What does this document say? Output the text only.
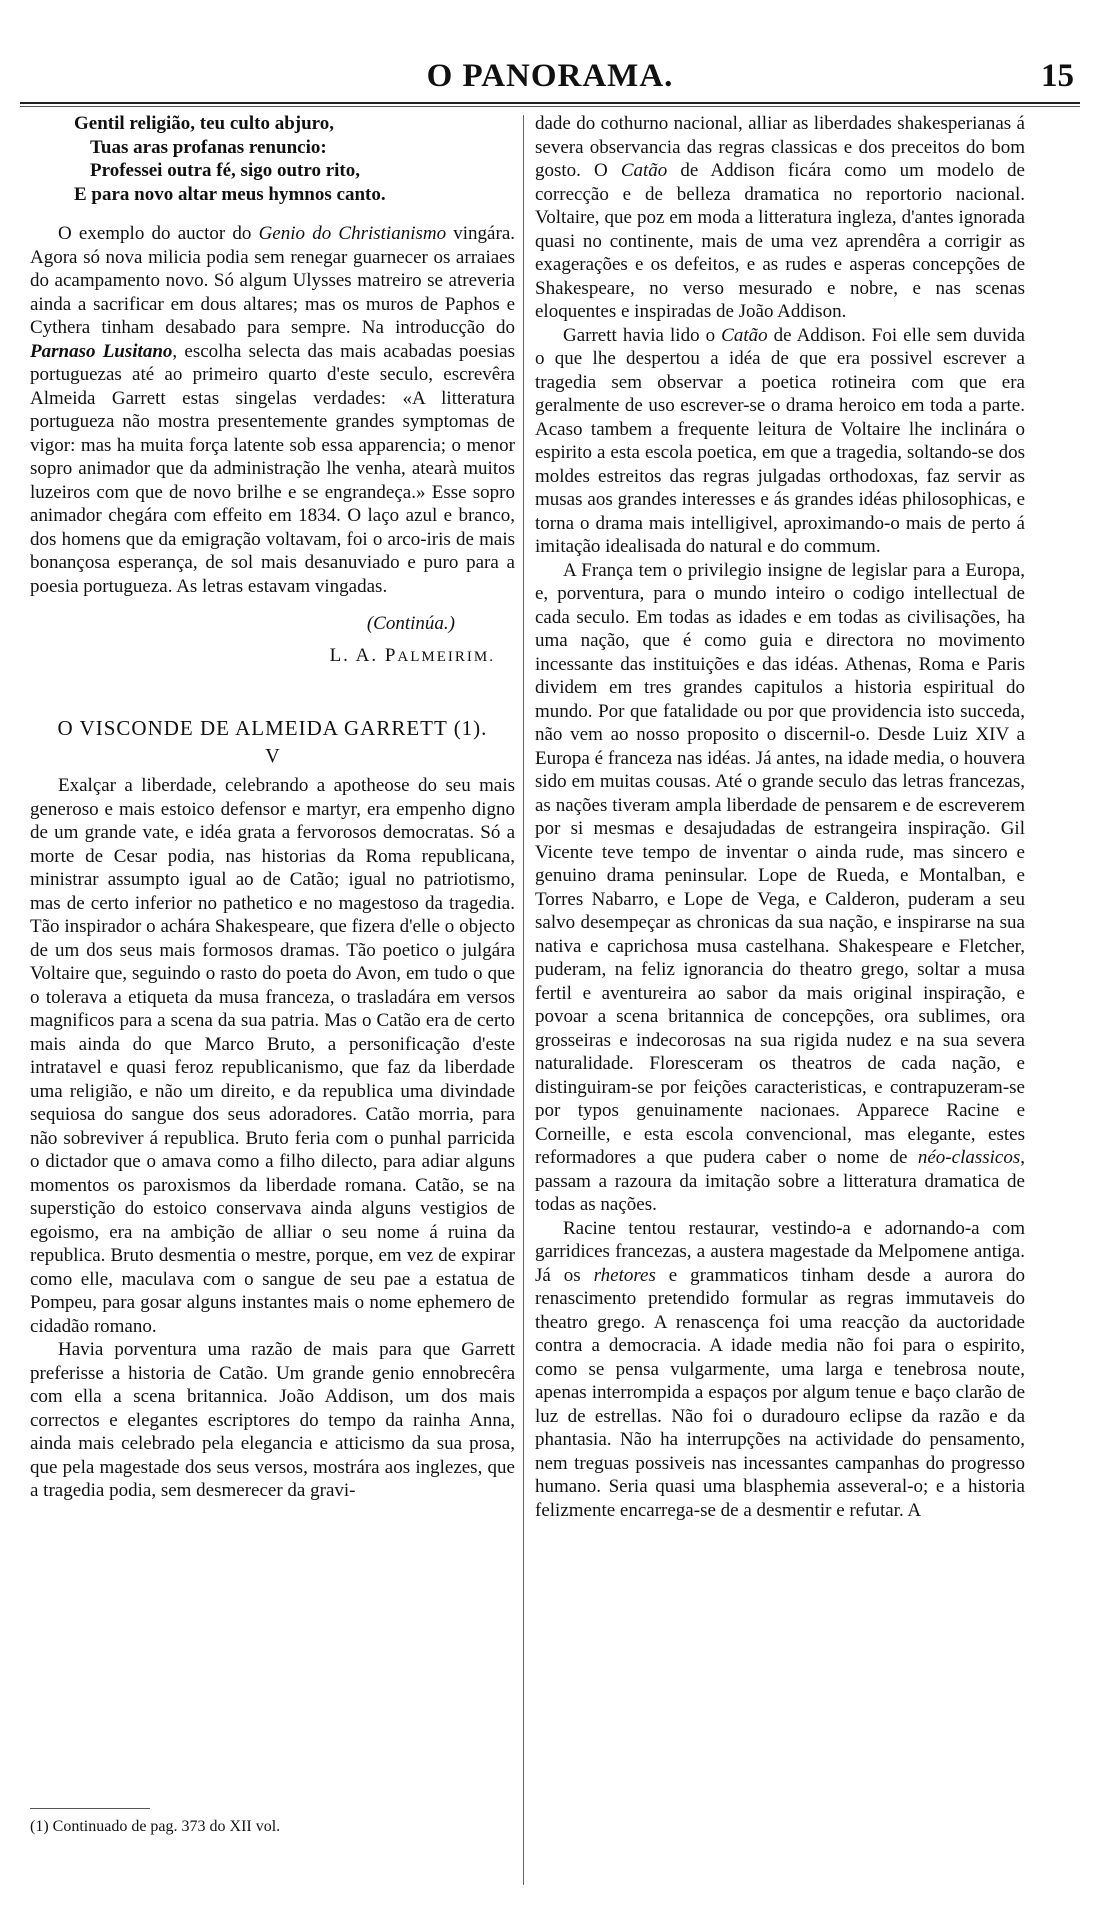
O PANORAMA.	15
Gentil religião, teu culto abjuro,
Tuas aras profanas renuncio:
Professei outra fé, sigo outro rito,
E para novo altar meus hymnos canto.

O exemplo do auctor do Genio do Christianismo vingára. Agora só nova milicia podia sem renegar guarnecer os arraiaes do acampamento novo. Só algum Ulysses matreiro se atreveria ainda a sacrificar em dous altares; mas os muros de Paphos e Cythera tinham desabado para sempre. Na introducção do Parnaso Lusitano, escolha selecta das mais acabadas poesias portuguezas até ao primeiro quarto d'este seculo, escrevêra Almeida Garrett estas singelas verdades: «A litteratura portugueza não mostra presentemente grandes symptomas de vigor: mas ha muita força latente sob essa apparencia; o menor sopro animador que da administração lhe venha, atearà muitos luzeiros com que de novo brilhe e se engrandeça.» Esse sopro animador chegára com effeito em 1834. O laço azul e branco, dos homens que da emigração voltavam, foi o arco-iris de mais bonançosa esperança, de sol mais desanuviado e puro para a poesia portugueza. As letras estavam vingadas.

(Continúa.)
L. A. PALMEIRIM.
O VISCONDE DE ALMEIDA GARRETT (1).
V

Exalçar a liberdade, celebrando a apotheose do seu mais generoso e mais estoico defensor e martyr, era empenho digno de um grande vate, e idéa grata a fervorosos democratas. Só a morte de Cesar podia, nas historias da Roma republicana, ministrar assumpto igual ao de Catão; igual no patriotismo, mas de certo inferior no pathetico e no magestoso da tragedia. Tão inspirador o achára Shakespeare, que fizera d'elle o objecto de um dos seus mais formosos dramas. Tão poetico o julgára Voltaire que, seguindo o rasto do poeta do Avon, em tudo o que o tolerava a etiqueta da musa franceza, o trasladára em versos magnificos para a scena da sua patria. Mas o Catão era de certo mais ainda do que Marco Bruto, a personificação d'este intratavel e quasi feroz republicanismo, que faz da liberdade uma religião, e não um direito, e da republica uma divindade sequiosa do sangue dos seus adoradores. Catão morria, para não sobreviver á republica. Bruto feria com o punhal parricida o dictador que o amava como a filho dilecto, para adiar alguns momentos os paroxismos da liberdade romana. Catão, se na superstição do estoico conservava ainda alguns vestigios de egoismo, era na ambição de alliar o seu nome á ruina da republica. Bruto desmentia o mestre, porque, em vez de expirar como elle, maculava com o sangue de seu pae a estatua de Pompeu, para gosar alguns instantes mais o nome ephemero de cidadão romano.

Havia porventura uma razão de mais para que Garrett preferisse a historia de Catão. Um grande genio ennobrecêra com ella a scena britannica. João Addison, um dos mais correctos e elegantes escriptores do tempo da rainha Anna, ainda mais celebrado pela elegancia e atticismo da sua prosa, que pela magestade dos seus versos, mostrára aos inglezes, que a tragedia podia, sem desmerecer da gravi-

(1) Continuado de pag. 373 do XII vol.

dade do cothurno nacional, alliar as liberdades shakesperianas á severa observancia das regras classicas e dos preceitos do bom gosto. O Catão de Addison ficára como um modelo de correcção e de belleza dramatica no reportorio nacional. Voltaire, que poz em moda a litteratura ingleza, d'antes ignorada quasi no continente, mais de uma vez aprendêra a corrigir as exagerações e os defeitos, e as rudes e asperas concepções de Shakespeare, no verso mesurado e nobre, e nas scenas eloquentes e inspiradas de João Addison.

Garrett havia lido o Catão de Addison. Foi elle sem duvida o que lhe despertou a idéa de que era possivel escrever a tragedia sem observar a poetica rotineira com que era geralmente de uso escrever-se o drama heroico em toda a parte. Acaso tambem a frequente leitura de Voltaire lhe inclinára o espirito a esta escola poetica, em que a tragedia, soltando-se dos moldes estreitos das regras julgadas orthodoxas, faz servir as musas aos grandes interesses e ás grandes idéas philosophicas, e torna o drama mais intelligivel, aproximando-o mais de perto á imitação idealisada do natural e do commum.

A França tem o privilegio insigne de legislar para a Europa, e, porventura, para o mundo inteiro o codigo intellectual de cada seculo. Em todas as idades e em todas as civilisações, ha uma nação, que é como guia e directora no movimento incessante das instituições e das idéas. Athenas, Roma e Paris dividem em tres grandes capitulos a historia espiritual do mundo. Por que fatalidade ou por que providencia isto succeda, não vem ao nosso proposito o discernil-o. Desde Luiz XIV a Europa é franceza nas idéas. Já antes, na idade media, o houvera sido em muitas cousas. Até o grande seculo das letras francezas, as nações tiveram ampla liberdade de pensarem e de escreverem por si mesmas e desajudadas de estrangeira inspiração. Gil Vicente teve tempo de inventar o ainda rude, mas sincero e genuino drama peninsular. Lope de Rueda, e Montalban, e Torres Nabarro, e Lope de Vega, e Calderon, puderam a seu salvo desempeçar as chronicas da sua nação, e inspirarse na sua nativa e caprichosa musa castelhana. Shakespeare e Fletcher, puderam, na feliz ignorancia do theatro grego, soltar a musa fertil e aventureira ao sabor da mais original inspiração, e povoar a scena britannica de concepções, ora sublimes, ora grosseiras e indecorosas na sua rigida nudez e na sua severa naturalidade. Floresceram os theatros de cada nação, e distinguiram-se por feições caracteristicas, e contrapuzeram-se por typos genuinamente nacionaes. Apparece Racine e Corneille, e esta escola convencional, mas elegante, estes reformadores a que pudera caber o nome de néo-classicos, passam a razoura da imitação sobre a litteratura dramatica de todas as nações.

Racine tentou restaurar, vestindo-a e adornando-a com garridices francezas, a austera magestade da Melpomene antiga. Já os rhetores e grammaticos tinham desde a aurora do renascimento pretendido formular as regras immutaveis do theatro grego. A renascença foi uma reacção da auctoridade contra a democracia. A idade media não foi para o espirito, como se pensa vulgarmente, uma larga e tenebrosa noute, apenas interrompida a espaços por algum tenue e baço clarão de luz de estrellas. Não foi o duradouro eclipse da razão e da phantasia. Não ha interrupções na actividade do pensamento, nem treguas possiveis nas incessantes campanhas do progresso humano. Seria quasi uma blasphemia asseveral-o; e a historia felizmente encarrega-se de a desmentir e refutar. A
